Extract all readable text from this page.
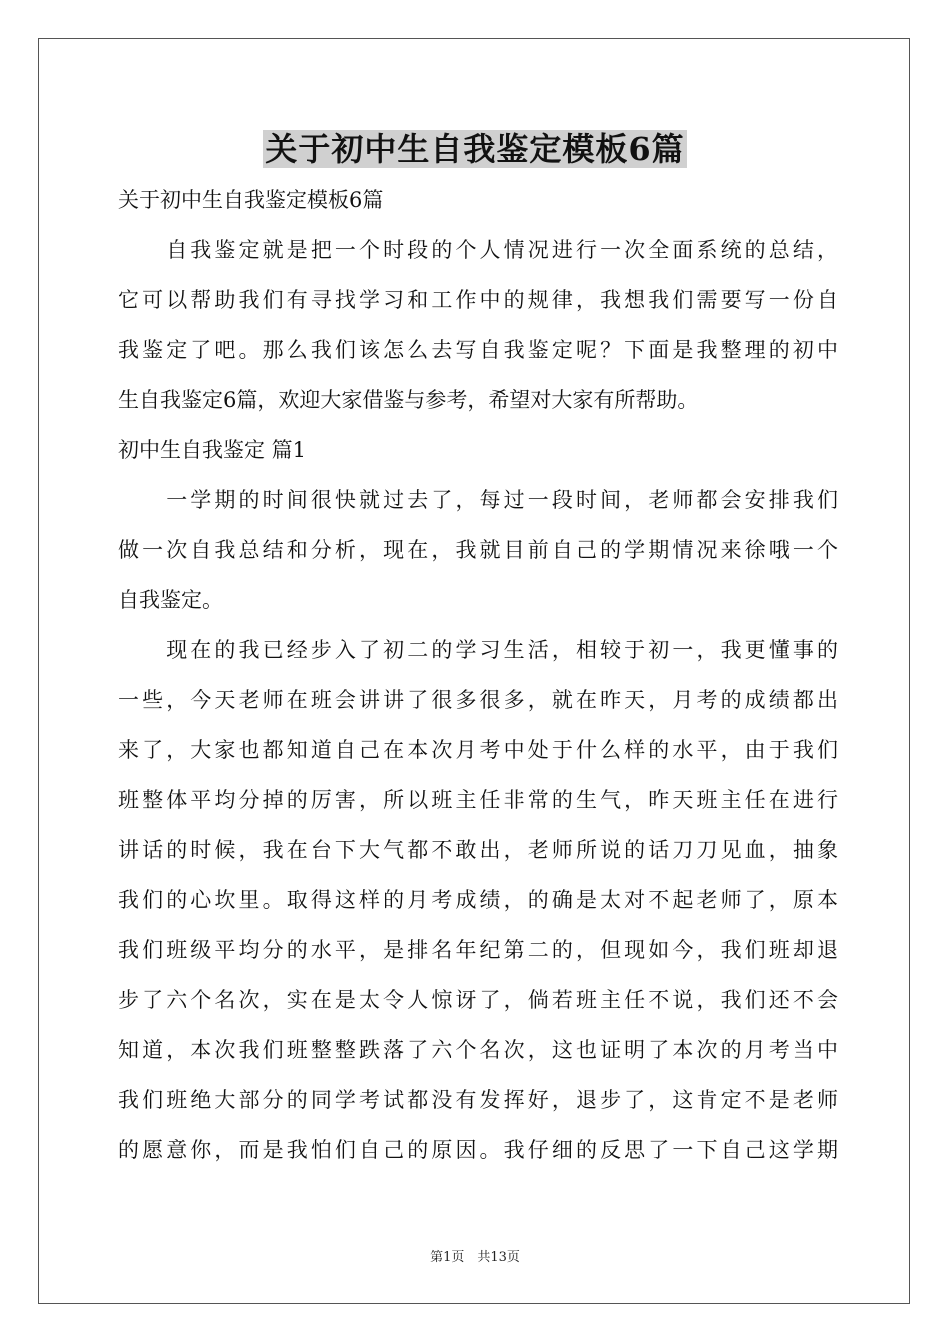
关于初中生自我鉴定模板6篇
关于初中生自我鉴定模板6篇
　　自我鉴定就是把一个时段的个人情况进行一次全面系统的总结，
它可以帮助我们有寻找学习和工作中的规律，我想我们需要写一份自
我鉴定了吧。那么我们该怎么去写自我鉴定呢？下面是我整理的初中
生自我鉴定6篇，欢迎大家借鉴与参考，希望对大家有所帮助。
初中生自我鉴定 篇1
　　一学期的时间很快就过去了，每过一段时间，老师都会安排我们
做一次自我总结和分析，现在，我就目前自己的学期情况来徐哦一个
自我鉴定。
　　现在的我已经步入了初二的学习生活，相较于初一，我更懂事的
一些，今天老师在班会讲讲了很多很多，就在昨天，月考的成绩都出
来了，大家也都知道自己在本次月考中处于什么样的水平，由于我们
班整体平均分掉的厉害，所以班主任非常的生气，昨天班主任在进行
讲话的时候，我在台下大气都不敢出，老师所说的话刀刀见血，抽象
我们的心坎里。取得这样的月考成绩，的确是太对不起老师了，原本
我们班级平均分的水平，是排名年纪第二的，但现如今，我们班却退
步了六个名次，实在是太令人惊讶了，倘若班主任不说，我们还不会
知道，本次我们班整整跌落了六个名次，这也证明了本次的月考当中
我们班绝大部分的同学考试都没有发挥好，退步了，这肯定不是老师
的愿意你，而是我怕们自己的原因。我仔细的反思了一下自己这学期
第1页　共13页
